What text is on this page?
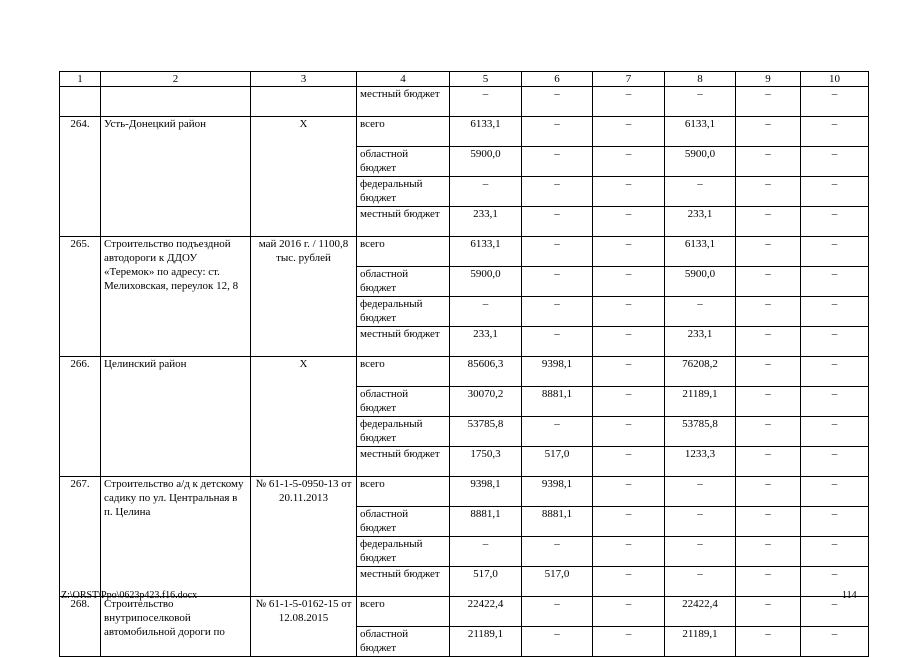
1	2	3	4	5	6	7	8	9	10
			местный бюджет	–	–	–	–	–	–
264.	Усть-Донецкий район	X	всего	6133,1	–	–	6133,1	–	–
			областной бюджет	5900,0	–	–	5900,0	–	–
			федеральный бюджет	–	–	–	–	–	–
			местный бюджет	233,1	–	–	233,1	–	–
265.	Строительство подъездной автодороги к ДДОУ «Теремок» по адресу: ст. Мелиховская, переулок 12, 8	май 2016 г. / 1100,8 тыс. рублей	всего	6133,1	–	–	6133,1	–	–
			областной бюджет	5900,0	–	–	5900,0	–	–
			федеральный бюджет	–	–	–	–	–	–
			местный бюджет	233,1	–	–	233,1	–	–
266.	Целинский район	X	всего	85606,3	9398,1	–	76208,2	–	–
			областной бюджет	30070,2	8881,1	–	21189,1	–	–
			федеральный бюджет	53785,8	–	–	53785,8	–	–
			местный бюджет	1750,3	517,0	–	1233,3	–	–
267.	Строительство а/д к детскому садику по ул. Центральная в п. Целина	№ 61-1-5-0950-13 от 20.11.2013	всего	9398,1	9398,1	–	–	–	–
			областной бюджет	8881,1	8881,1	–	–	–	–
			федеральный бюджет	–	–	–	–	–	–
			местный бюджет	517,0	517,0	–	–	–	–
268.	Строительство внутрипоселковой автомобильной дороги по	№ 61-1-5-0162-15 от 12.08.2015	всего	22422,4	–	–	22422,4	–	–
			областной бюджет	21189,1	–	–	21189,1	–	–
Z:\ORST\Ppo\0623p423.f16.docx	114
